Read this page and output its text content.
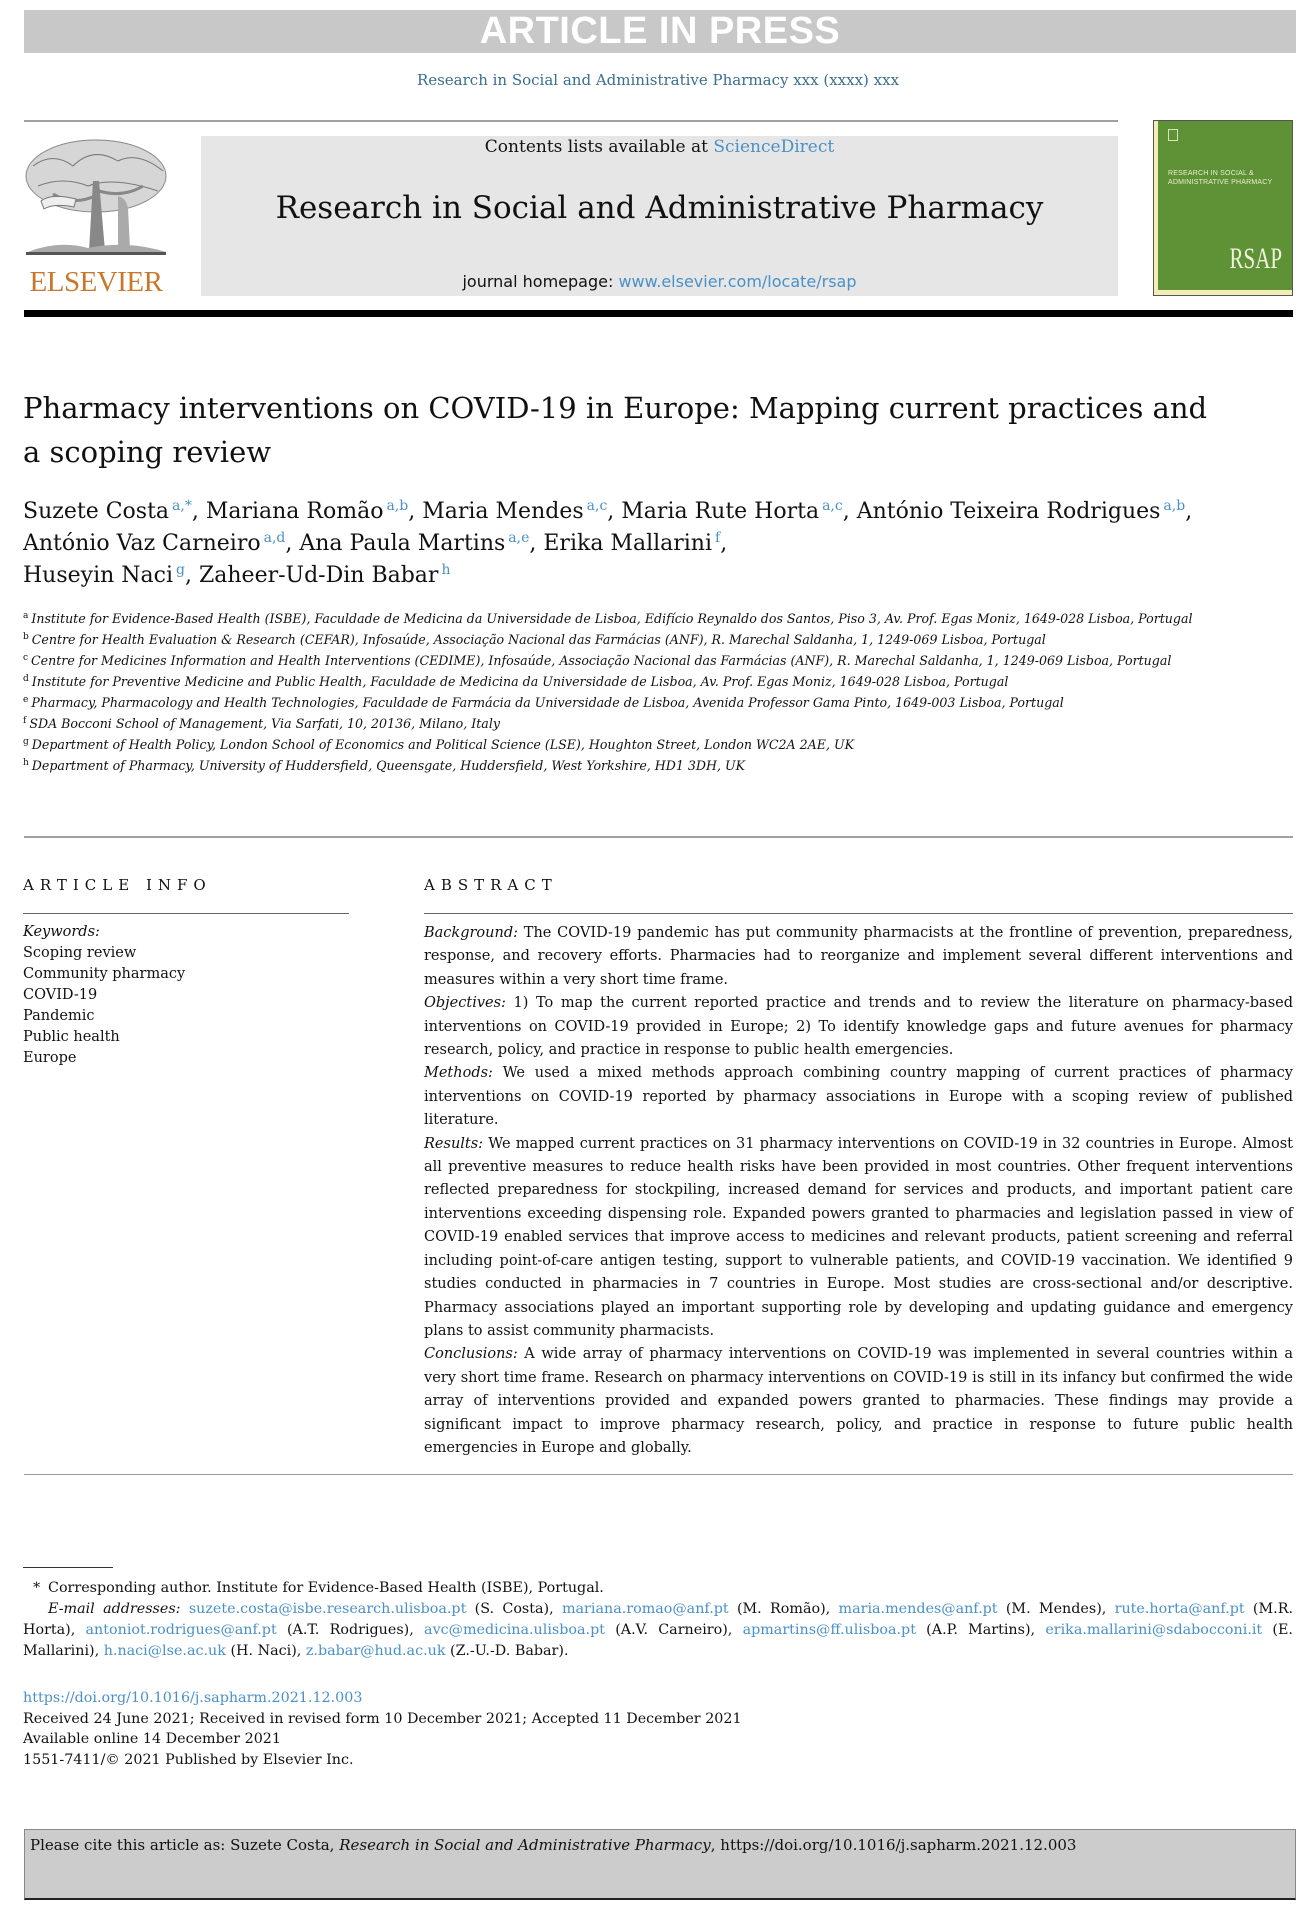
ARTICLE IN PRESS
Research in Social and Administrative Pharmacy xxx (xxxx) xxx
ELSEVIER
Contents lists available at ScienceDirect
Research in Social and Administrative Pharmacy
journal homepage: www.elsevier.com/locate/rsap
RESEARCH IN SOCIAL &
ADMINISTRATIVE PHARMACY
RSAP
Pharmacy interventions on COVID-19 in Europe: Mapping current practices and a scoping review
Suzete Costa $^{a,*}$, Mariana Romão $^{a,b}$, Maria Mendes $^{a,c}$, Maria Rute Horta $^{a,c}$, António Teixeira Rodrigues $^{a,b}$, António Vaz Carneiro $^{a,d}$, Ana Paula Martins $^{a,e}$, Erika Mallarini $^f$,
Huseyin Naci $^g$, Zaheer-Ud-Din Babar $^h$
$^a$ Institute for Evidence-Based Health (ISBE), Faculdade de Medicina da Universidade de Lisboa, Edifício Reynaldo dos Santos, Piso 3, Av. Prof. Egas Moniz, 1649-028 Lisboa, Portugal
$^b$ Centre for Health Evaluation & Research (CEFAR), Infosaúde, Associação Nacional das Farmácias (ANF), R. Marechal Saldanha, 1, 1249-069 Lisboa, Portugal
$^c$ Centre for Medicines Information and Health Interventions (CEDIME), Infosaúde, Associação Nacional das Farmácias (ANF), R. Marechal Saldanha, 1, 1249-069 Lisboa, Portugal
$^d$ Institute for Preventive Medicine and Public Health, Faculdade de Medicina da Universidade de Lisboa, Av. Prof. Egas Moniz, 1649-028 Lisboa, Portugal
$^e$ Pharmacy, Pharmacology and Health Technologies, Faculdade de Farmácia da Universidade de Lisboa, Avenida Professor Gama Pinto, 1649-003 Lisboa, Portugal
$^f$ SDA Bocconi School of Management, Via Sarfati, 10, 20136, Milano, Italy
$^g$ Department of Health Policy, London School of Economics and Political Science (LSE), Houghton Street, London WC2A 2AE, UK
$^h$ Department of Pharmacy, University of Huddersfield, Queensgate, Huddersfield, West Yorkshire, HD1 3DH, UK
ARTICLE INFO
Keywords:
Scoping review
Community pharmacy
COVID-19
Pandemic
Public health
Europe
ABSTRACT

Background: The COVID-19 pandemic has put community pharmacists at the frontline of prevention, preparedness, response, and recovery efforts. Pharmacies had to reorganize and implement several different interventions and measures within a very short time frame.

Objectives: 1) To map the current reported practice and trends and to review the literature on pharmacy-based interventions on COVID-19 provided in Europe; 2) To identify knowledge gaps and future avenues for pharmacy research, policy, and practice in response to public health emergencies.

Methods: We used a mixed methods approach combining country mapping of current practices of pharmacy interventions on COVID-19 reported by pharmacy associations in Europe with a scoping review of published literature.

Results: We mapped current practices on 31 pharmacy interventions on COVID-19 in 32 countries in Europe. Almost all preventive measures to reduce health risks have been provided in most countries. Other frequent interventions reflected preparedness for stockpiling, increased demand for services and products, and important patient care interventions exceeding dispensing role. Expanded powers granted to pharmacies and legislation passed in view of COVID-19 enabled services that improve access to medicines and relevant products, patient screening and referral including point-of-care antigen testing, support to vulnerable patients, and COVID-19 vaccination. We identified 9 studies conducted in pharmacies in 7 countries in Europe. Most studies are cross-sectional and/or descriptive. Pharmacy associations played an important supporting role by developing and updating guidance and emergency plans to assist community pharmacists.

Conclusions: A wide array of pharmacy interventions on COVID-19 was implemented in several countries within a very short time frame. Research on pharmacy interventions on COVID-19 is still in its infancy but confirmed the wide array of interventions provided and expanded powers granted to pharmacies. These findings may provide a significant impact to improve pharmacy research, policy, and practice in response to future public health emergencies in Europe and globally.

* Corresponding author. Institute for Evidence-Based Health (ISBE), Portugal.
E-mail addresses: suzete.costa@isbe.research.ulisboa.pt (S. Costa), mariana.romao@anf.pt (M. Romão), maria.mendes@anf.pt (M. Mendes), rute.horta@anf.pt (M.R. Horta), antoniot.rodrigues@anf.pt (A.T. Rodrigues), avc@medicina.ulisboa.pt (A.V. Carneiro), apmartins@ff.ulisboa.pt (A.P. Martins), erika.mallarini@sdabocconi.it (E. Mallarini), h.naci@lse.ac.uk (H. Naci), z.babar@hud.ac.uk (Z.-U.-D. Babar).
https://doi.org/10.1016/j.sapharm.2021.12.003
Received 24 June 2021; Received in revised form 10 December 2021; Accepted 11 December 2021
Available online 14 December 2021
1551-7411/© 2021 Published by Elsevier Inc.
Please cite this article as: Suzete Costa, Research in Social and Administrative Pharmacy, https://doi.org/10.1016/j.sapharm.2021.12.003
